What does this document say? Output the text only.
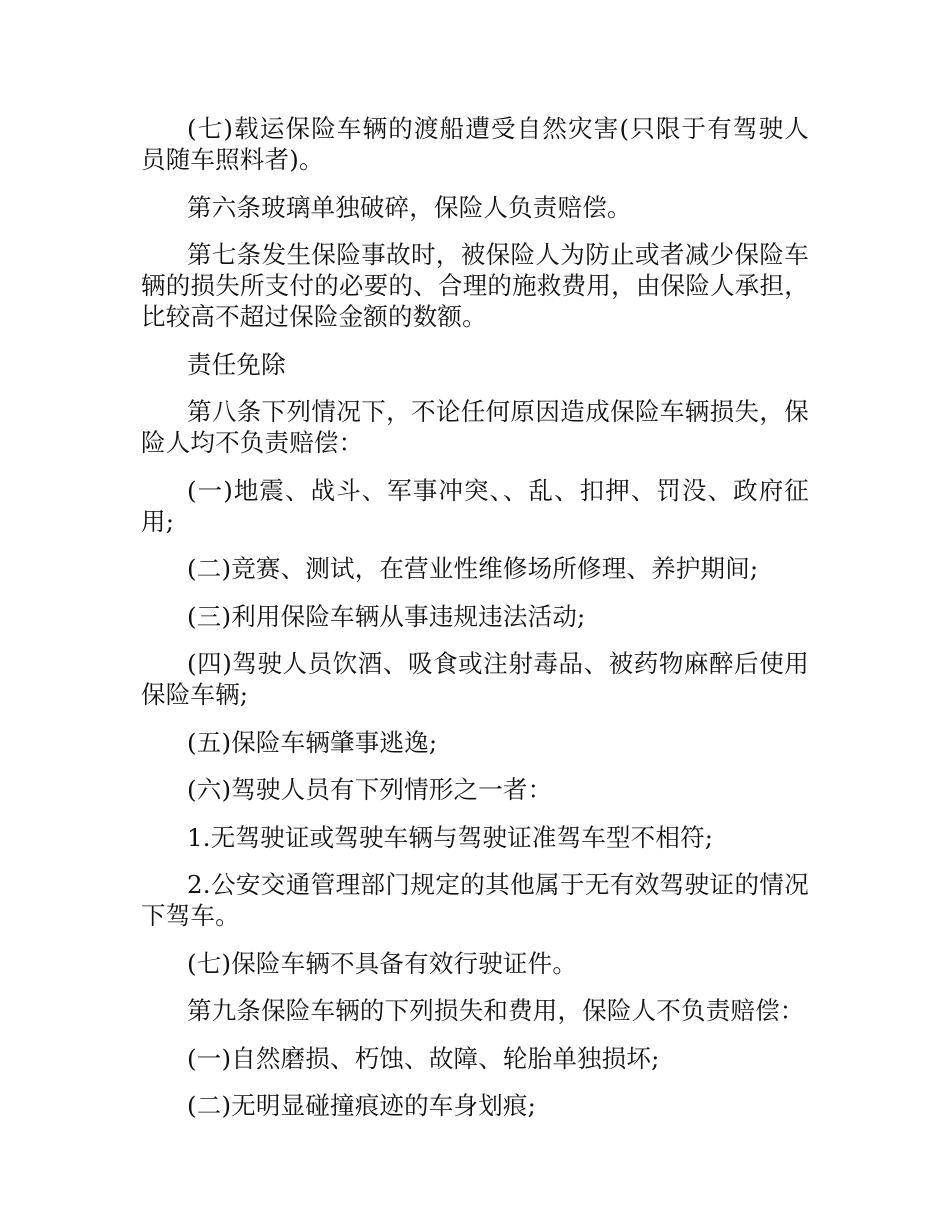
(七)载运保险车辆的渡船遭受自然灾害(只限于有驾驶人员随车照料者)。

第六条玻璃单独破碎，保险人负责赔偿。

第七条发生保险事故时，被保险人为防止或者减少保险车辆的损失所支付的必要的、合理的施救费用，由保险人承担，比较高不超过保险金额的数额。

责任免除

第八条下列情况下，不论任何原因造成保险车辆损失，保险人均不负责赔偿：

(一)地震、战斗、军事冲突、、乱、扣押、罚没、政府征用;

(二)竞赛、测试，在营业性维修场所修理、养护期间;

(三)利用保险车辆从事违规违法活动;

(四)驾驶人员饮酒、吸食或注射毒品、被药物麻醉后使用保险车辆;

(五)保险车辆肇事逃逸;

(六)驾驶人员有下列情形之一者：

1.无驾驶证或驾驶车辆与驾驶证准驾车型不相符;

2.公安交通管理部门规定的其他属于无有效驾驶证的情况下驾车。

(七)保险车辆不具备有效行驶证件。

第九条保险车辆的下列损失和费用，保险人不负责赔偿：

(一)自然磨损、朽蚀、故障、轮胎单独损坏;

(二)无明显碰撞痕迹的车身划痕;
